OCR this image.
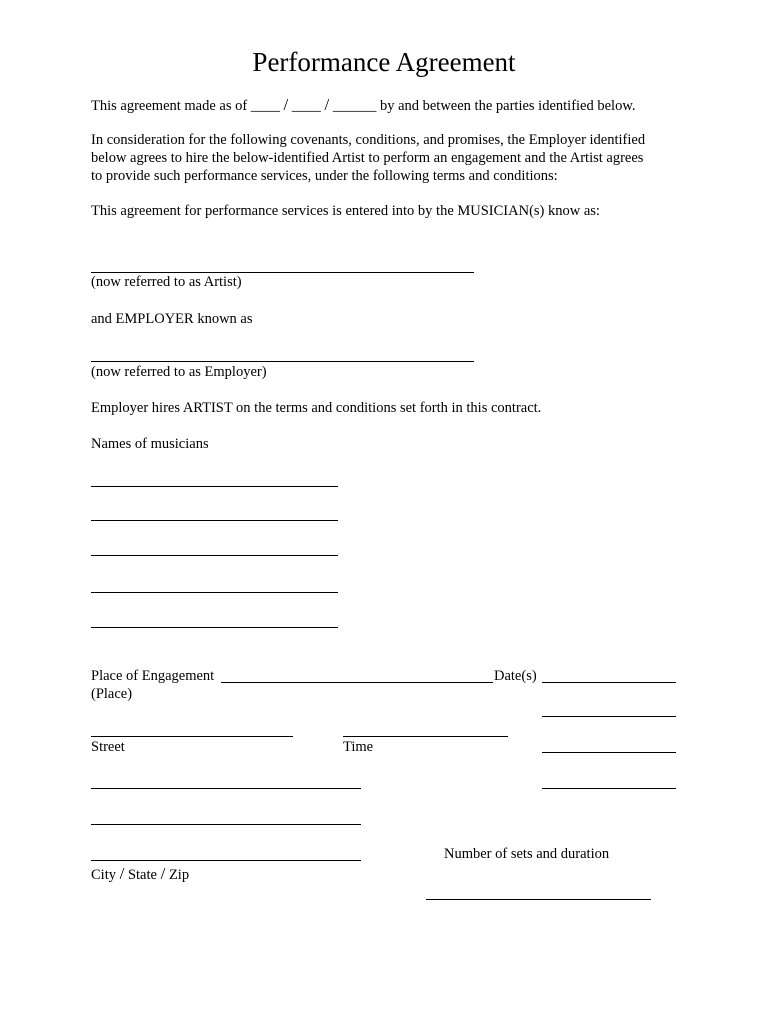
Performance Agreement
This agreement made as of ____ / ____ / ______ by and between the parties identified below.
In consideration for the following covenants, conditions, and promises, the Employer identified
below agrees to hire the below-identified Artist to perform an engagement and the Artist agrees
to provide such performance services, under the following terms and conditions:
This agreement for performance services is entered into by the MUSICIAN(s) know as:
(now referred to as Artist)
and EMPLOYER known as
(now referred to as Employer)
Employer hires ARTIST on the terms and conditions set forth in this contract.
Names of musicians
Place of Engagement	Date(s)
(Place)
Street	Time
Number of sets and duration
City / State / Zip
